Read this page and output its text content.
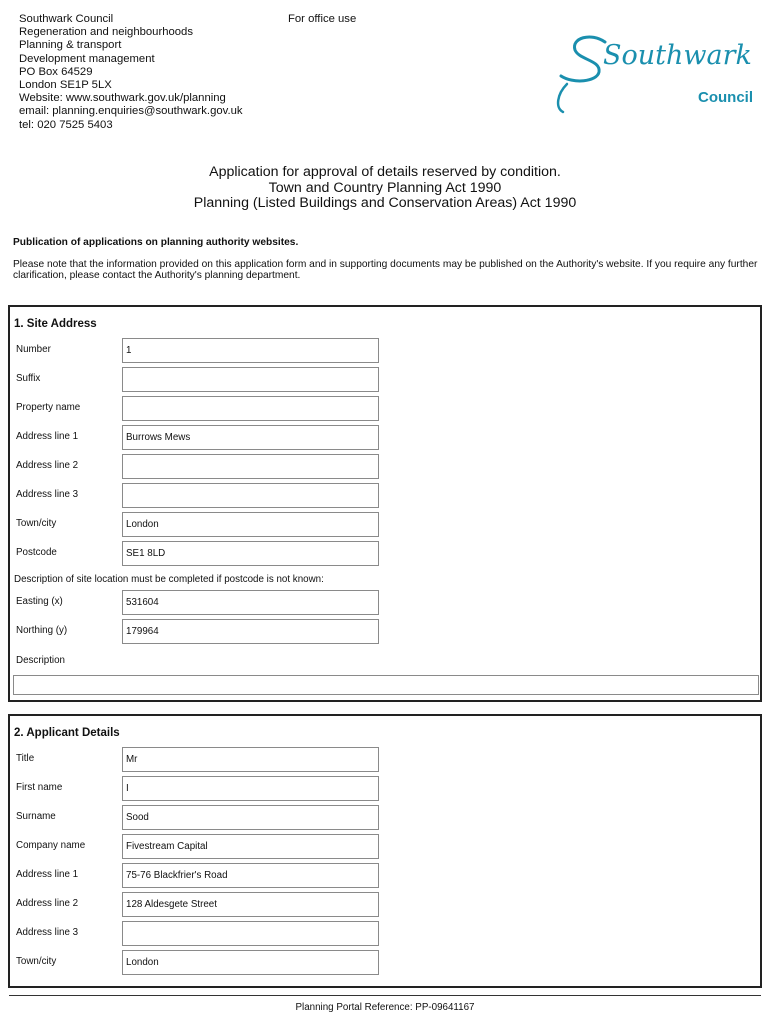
Southwark Council
Regeneration and neighbourhoods
Planning & transport
Development management
PO Box 64529
London SE1P 5LX
Website: www.southwark.gov.uk/planning
email: planning.enquiries@southwark.gov.uk
tel: 020 7525 5403
For office use
Southwark
Council
Application for approval of details reserved by condition.
Town and Country Planning Act 1990
Planning (Listed Buildings and Conservation Areas) Act 1990
Publication of applications on planning authority websites.
Please note that the information provided on this application form and in supporting documents may be published on the Authority's website. If you require any further clarification, please contact the Authority's planning department.
1. Site Address
Number	1
Suffix
Property name
Address line 1	Burrows Mews
Address line 2
Address line 3
Town/city	London
Postcode	SE1 8LD
Description of site location must be completed if postcode is not known:
Easting (x)	531604
Northing (y)	179964
Description
2. Applicant Details
Title	Mr
First name	I
Surname	Sood
Company name	Fivestream Capital
Address line 1	75-76 Blackfrier's Road
Address line 2	128 Aldesgete Street
Address line 3
Town/city	London
Planning Portal Reference: PP-09641167
